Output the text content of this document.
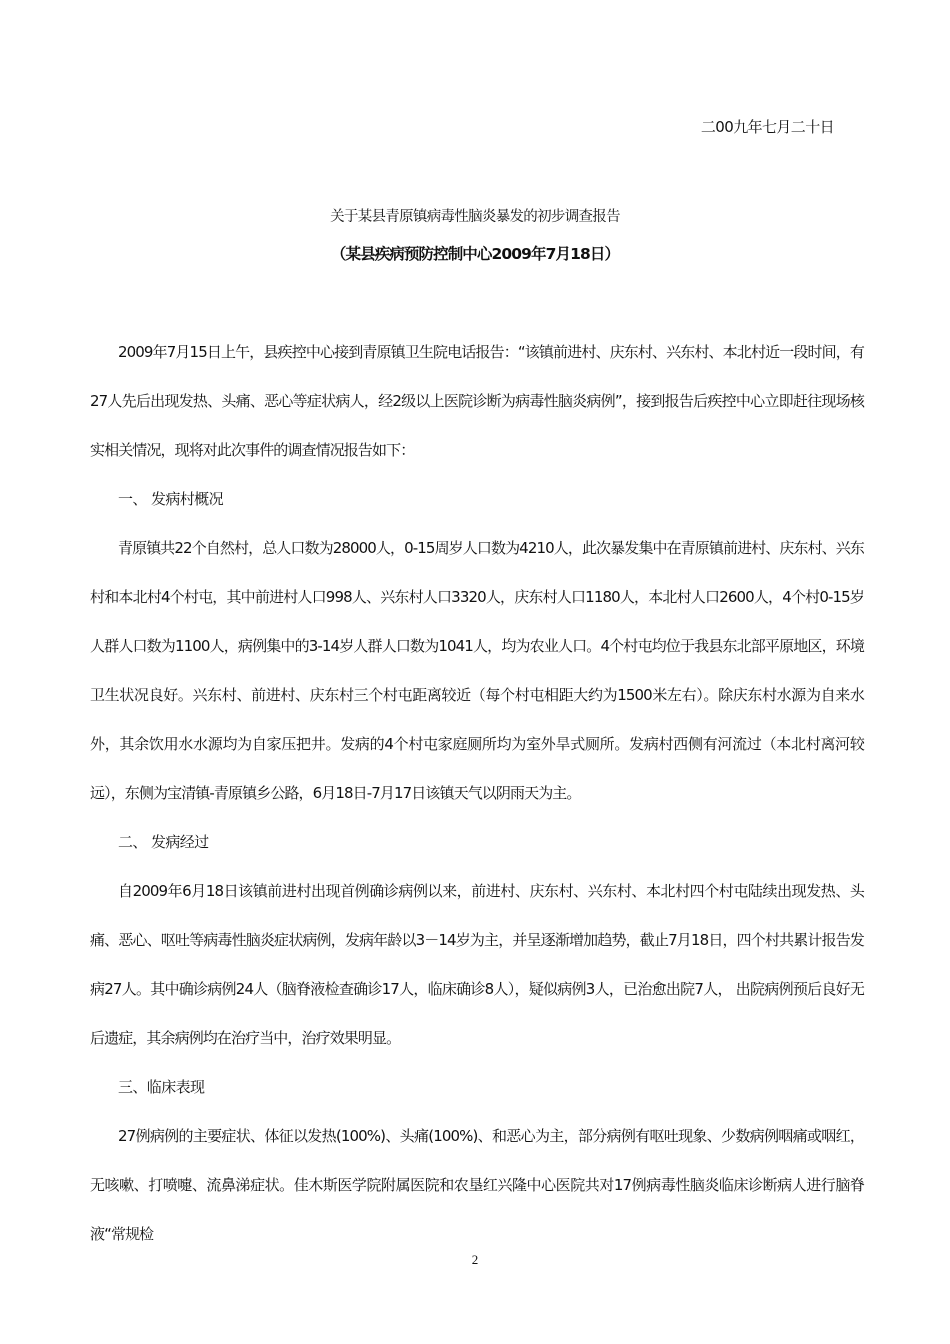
二00九年七月二十日
关于某县青原镇病毒性脑炎暴发的初步调查报告
（某县疾病预防控制中心2009年7月18日）

2009年7月15日上午，县疾控中心接到青原镇卫生院电话报告：“该镇前进村、庆东村、兴东村、本北村近一段时间，有27人先后出现发热、头痛、恶心等症状病人，经2级以上医院诊断为病毒性脑炎病例”，接到报告后疾控中心立即赶往现场核实相关情况，现将对此次事件的调查情况报告如下：

一、 发病村概况

青原镇共22个自然村，总人口数为28000人，0-15周岁人口数为4210人，此次暴发集中在青原镇前进村、庆东村、兴东村和本北村4个村屯，其中前进村人口998人、兴东村人口3320人，庆东村人口1180人，本北村人口2600人，4个村0-15岁人群人口数为1100人，病例集中的3-14岁人群人口数为1041人，均为农业人口。4个村屯均位于我县东北部平原地区，环境卫生状况良好。兴东村、前进村、庆东村三个村屯距离较近（每个村屯相距大约为1500米左右）。除庆东村水源为自来水外，其余饮用水水源均为自家压把井。发病的4个村屯家庭厕所均为室外旱式厕所。发病村西侧有河流过（本北村离河较远），东侧为宝清镇-青原镇乡公路，6月18日-7月17日该镇天气以阴雨天为主。

二、 发病经过

自2009年6月18日该镇前进村出现首例确诊病例以来，前进村、庆东村、兴东村、本北村四个村屯陆续出现发热、头痛、恶心、呕吐等病毒性脑炎症状病例，发病年龄以3－14岁为主，并呈逐渐增加趋势，截止7月18日，四个村共累计报告发病27人。其中确诊病例24人（脑脊液检查确诊17人，临床确诊8人），疑似病例3人，已治愈出院7人， 出院病例预后良好无后遗症，其余病例均在治疗当中，治疗效果明显。

三、临床表现

27例病例的主要症状、体征以发热(100%)、头痛(100%)、和恶心为主，部分病例有呕吐现象、少数病例咽痛或咽红，无咳嗽、打喷嚏、流鼻涕症状。佳木斯医学院附属医院和农垦红兴隆中心医院共对17例病毒性脑炎临床诊断病人进行脑脊液“常规检

2
